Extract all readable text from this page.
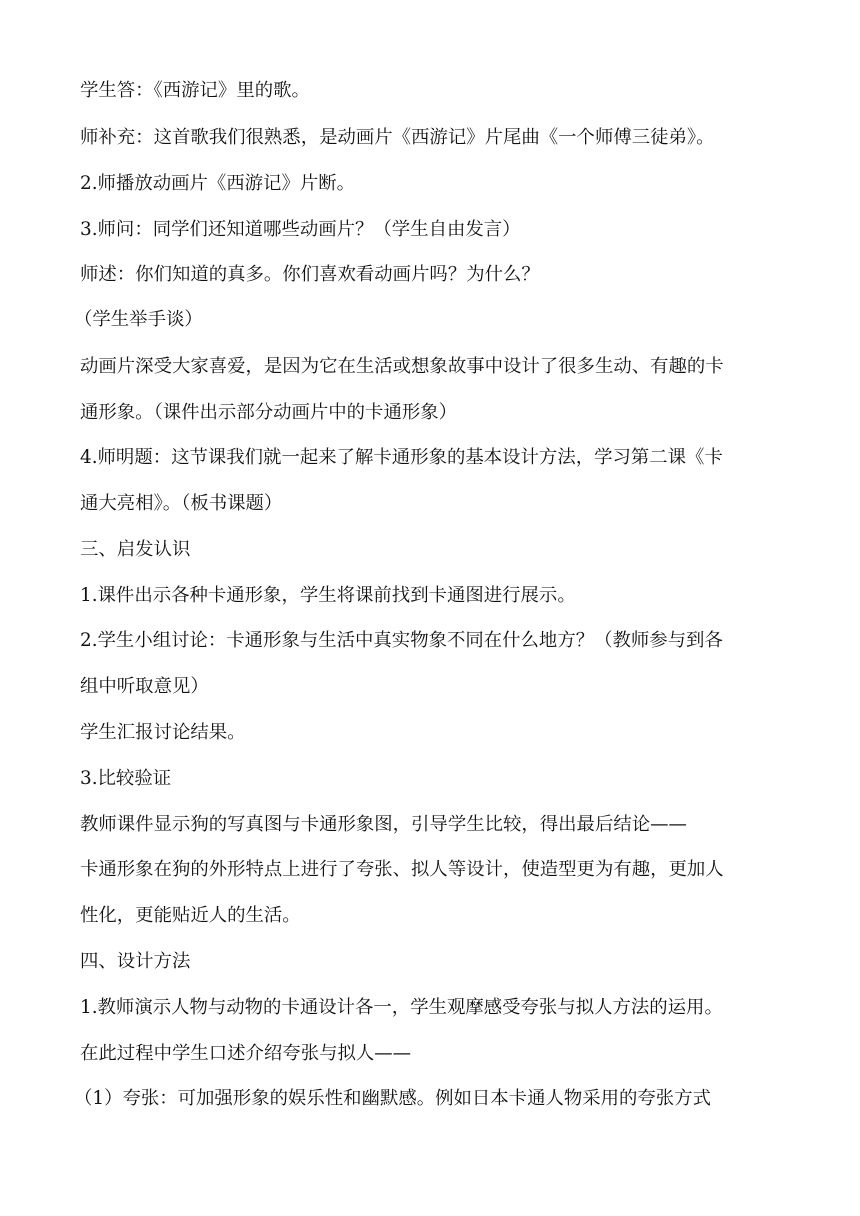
学生答：《西游记》里的歌。
师补充：这首歌我们很熟悉，是动画片《西游记》片尾曲《一个师傅三徒弟》。
2.师播放动画片《西游记》片断。
3.师问：同学们还知道哪些动画片？（学生自由发言）
师述：你们知道的真多。你们喜欢看动画片吗？为什么？
（学生举手谈）
动画片深受大家喜爱，是因为它在生活或想象故事中设计了很多生动、有趣的卡
通形象。（课件出示部分动画片中的卡通形象）
4.师明题：这节课我们就一起来了解卡通形象的基本设计方法，学习第二课《卡
通大亮相》。（板书课题）
三、启发认识
1.课件出示各种卡通形象，学生将课前找到卡通图进行展示。
2.学生小组讨论：卡通形象与生活中真实物象不同在什么地方？（教师参与到各
组中听取意见）
学生汇报讨论结果。
3.比较验证
教师课件显示狗的写真图与卡通形象图，引导学生比较，得出最后结论——
卡通形象在狗的外形特点上进行了夸张、拟人等设计，使造型更为有趣，更加人
性化，更能贴近人的生活。
四、设计方法
1.教师演示人物与动物的卡通设计各一，学生观摩感受夸张与拟人方法的运用。
在此过程中学生口述介绍夸张与拟人——
（1）夸张：可加强形象的娱乐性和幽默感。例如日本卡通人物采用的夸张方式
